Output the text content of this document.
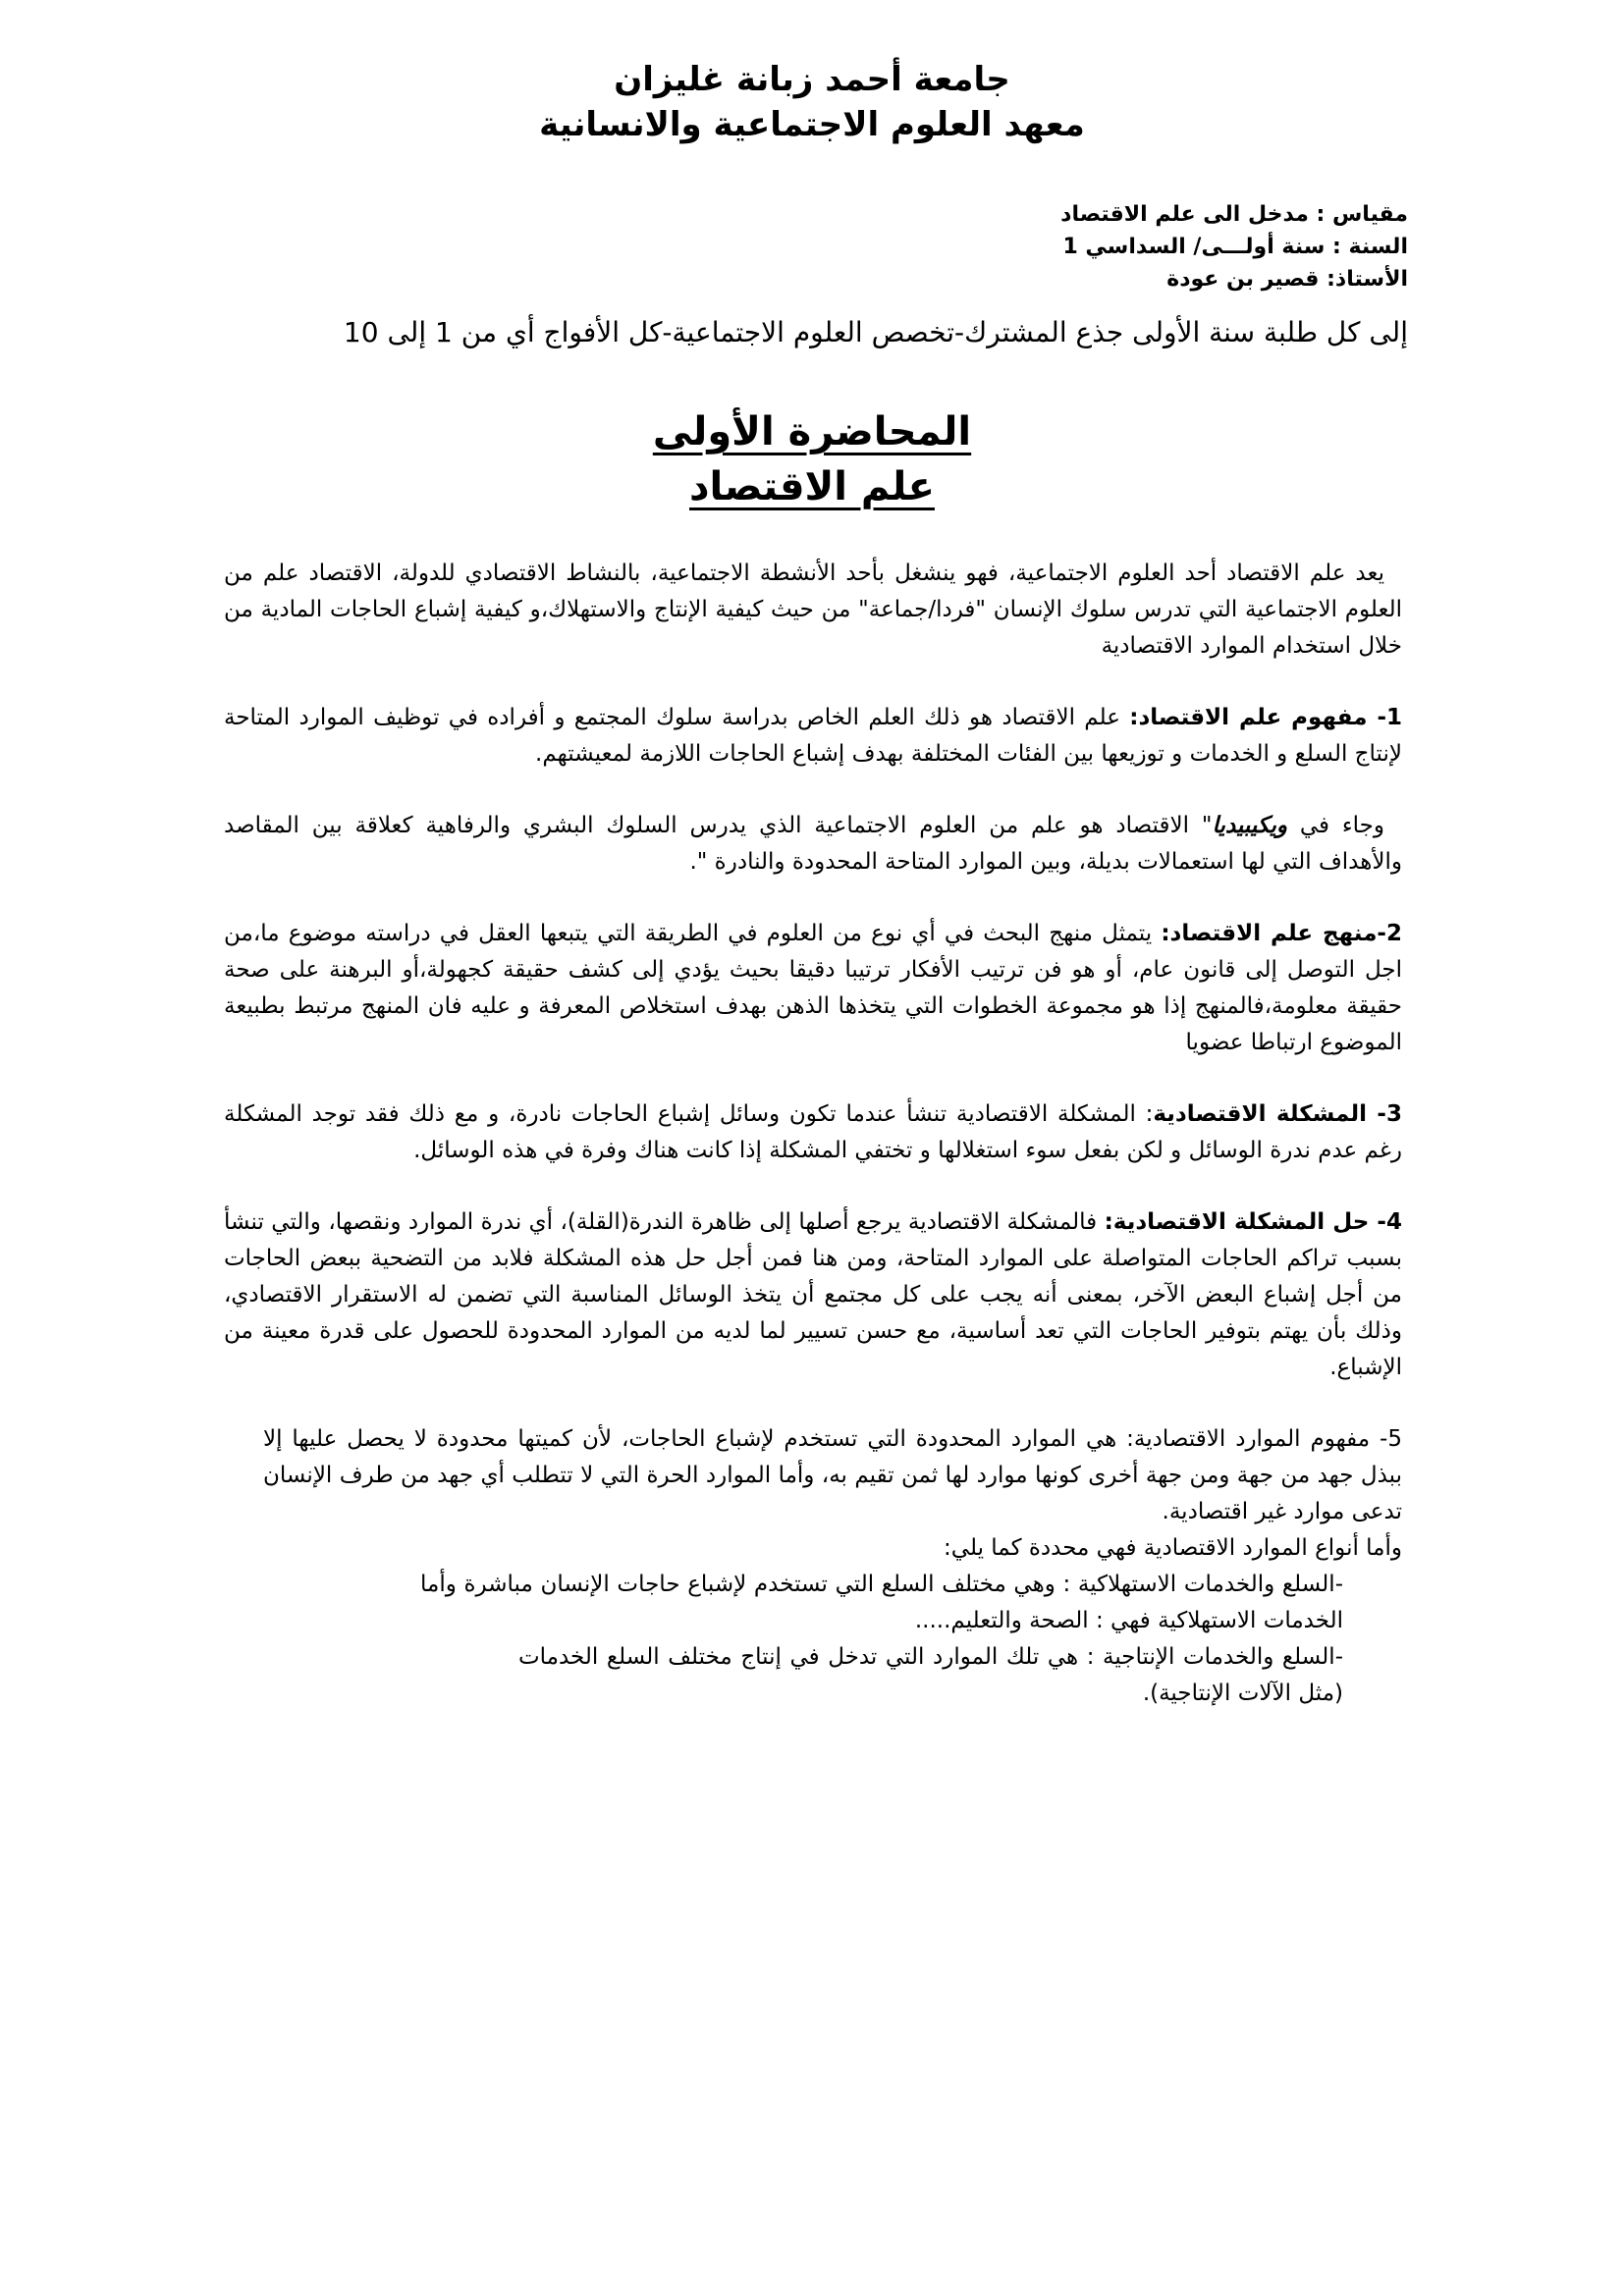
جامعة أحمد زبانة غليزان
معهد العلوم الاجتماعية والانسانية
مقياس : مدخل الى علم الاقتصاد
السنة : سنة أولـــى/ السداسي 1
الأستاذ: قصير بن عودة
إلى كل طلبة سنة الأولى جذع المشترك-تخصص العلوم الاجتماعية-كل الأفواج أي من 1 إلى 10
المحاضرة الأولى
علم الاقتصاد

يعد علم الاقتصاد أحد العلوم الاجتماعية، فهو ينشغل بأحد الأنشطة الاجتماعية، بالنشاط الاقتصادي للدولة، الاقتصاد علم من العلوم الاجتماعية التي تدرس سلوك الإنسان "فردا/جماعة" من حيث كيفية الإنتاج والاستهلاك،و كيفية إشباع الحاجات المادية من خلال استخدام الموارد الاقتصادية

1- مفهوم علم الاقتصاد: علم الاقتصاد هو ذلك العلم الخاص بدراسة سلوك المجتمع و أفراده في توظيف الموارد المتاحة لإنتاج السلع و الخدمات و توزيعها بين الفئات المختلفة بهدف إشباع الحاجات اللازمة لمعيشتهم.

وجاء في ويكيبيديا" الاقتصاد هو علم من العلوم الاجتماعية الذي يدرس السلوك البشري والرفاهية كعلاقة بين المقاصد والأهداف التي لها استعمالات بديلة، وبين الموارد المتاحة المحدودة والنادرة ".

2-منهج علم الاقتصاد: يتمثل منهج البحث في أي نوع من العلوم في الطريقة التي يتبعها العقل في دراسته موضوع ما،من اجل التوصل إلى قانون عام، أو هو فن ترتيب الأفكار ترتيبا دقيقا بحيث يؤدي إلى كشف حقيقة كجهولة،أو البرهنة على صحة حقيقة معلومة،فالمنهج إذا هو مجموعة الخطوات التي يتخذها الذهن بهدف استخلاص المعرفة و عليه فان المنهج مرتبط بطبيعة الموضوع ارتباطا عضويا

3- المشكلة الاقتصادية: المشكلة الاقتصادية تنشأ عندما تكون وسائل إشباع الحاجات نادرة، و مع ذلك فقد توجد المشكلة رغم عدم ندرة الوسائل و لكن بفعل سوء استغلالها و تختفي المشكلة إذا كانت هناك وفرة في هذه الوسائل.

4- حل المشكلة الاقتصادية: فالمشكلة الاقتصادية يرجع أصلها إلى ظاهرة الندرة(القلة)، أي ندرة الموارد ونقصها، والتي تنشأ بسبب تراكم الحاجات المتواصلة على الموارد المتاحة، ومن هنا فمن أجل حل هذه المشكلة فلابد من التضحية ببعض الحاجات من أجل إشباع البعض الآخر، بمعنى أنه يجب على كل مجتمع أن يتخذ الوسائل المناسبة التي تضمن له الاستقرار الاقتصادي، وذلك بأن يهتم بتوفير الحاجات التي تعد أساسية، مع حسن تسيير لما لديه من الموارد المحدودة للحصول على قدرة معينة من الإشباع.

5- مفهوم الموارد الاقتصادية: هي الموارد المحدودة التي تستخدم لإشباع الحاجات، لأن كميتها محدودة لا يحصل عليها إلا ببذل جهد من جهة ومن جهة أخرى كونها موارد لها ثمن تقيم به، وأما الموارد الحرة التي لا تتطلب أي جهد من طرف الإنسان تدعى موارد غير اقتصادية.

وأما أنواع الموارد الاقتصادية فهي محددة كما يلي:

-السلع والخدمات الاستهلاكية : وهي مختلف السلع التي تستخدم لإشباع حاجات الإنسان مباشرة وأما الخدمات الاستهلاكية فهي : الصحة والتعليم.....

-السلع والخدمات الإنتاجية : هي تلك الموارد التي تدخل في إنتاج مختلف السلع الخدمات (مثل الآلات الإنتاجية).
